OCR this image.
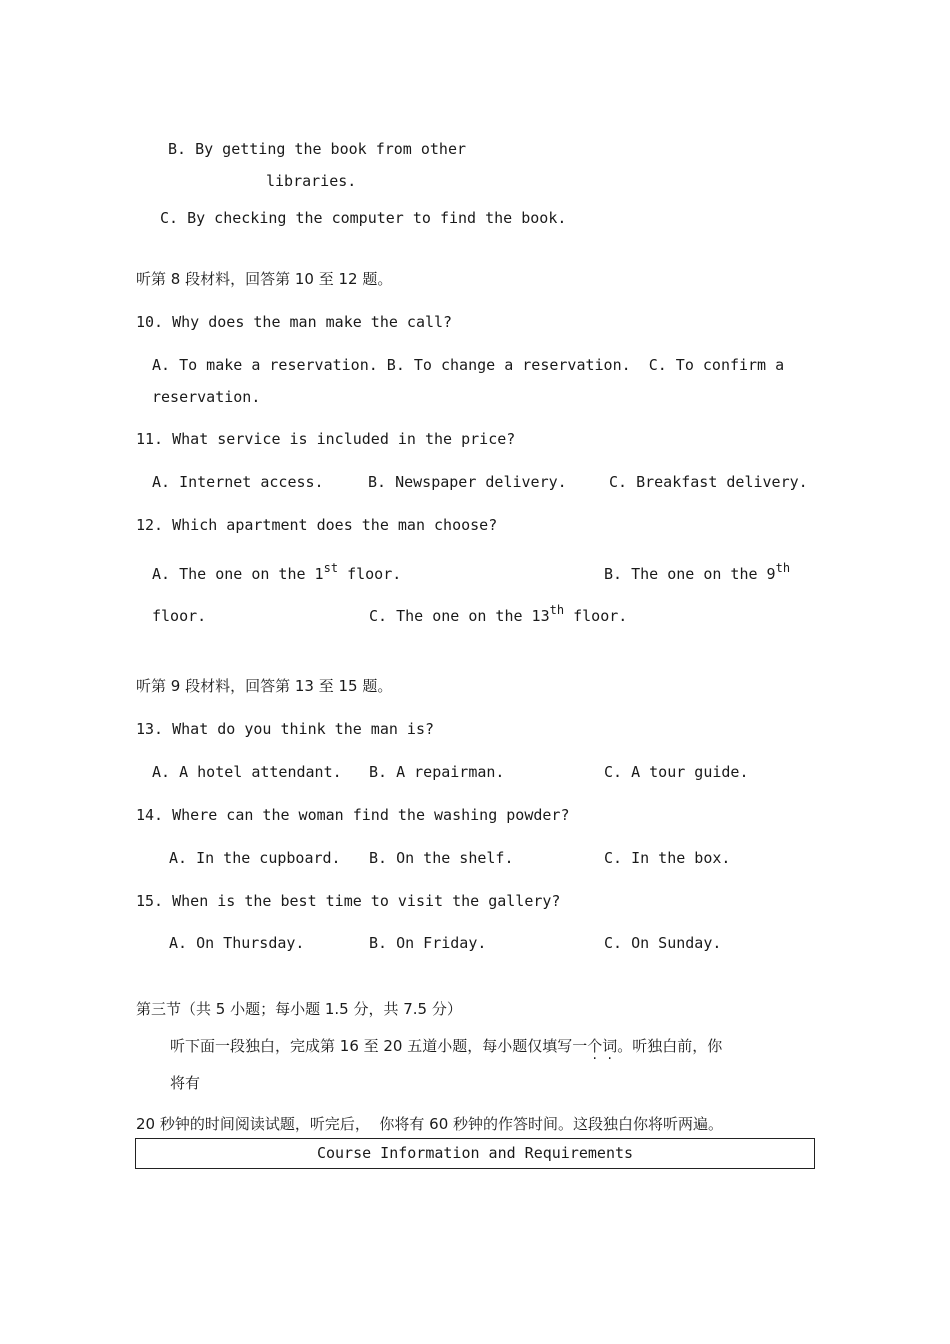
B. By getting the book from other
libraries.
C. By checking the computer to find the book.
听第 8 段材料，回答第 10 至 12 题。
10. Why does the man make the call?
A. To make a reservation. B. To change a reservation.  C. To confirm a
reservation.
11. What service is included in the price?
A. Internet access.	B. Newspaper delivery.	C. Breakfast delivery.
12. Which apartment does the man choose?
A. The one on the 1st floor.	B. The one on the 9th
floor.	C. The one on the 13th floor.
听第 9 段材料，回答第 13 至 15 题。
13. What do you think the man is?
A. A hotel attendant. B. A repairman.	C. A tour guide.
14. Where can the woman find the washing powder?
A. In the cupboard. B. On the shelf.	C. In the box.
15. When is the best time to visit the gallery?
A. On Thursday.	B. On Friday.	C. On Sunday.
第三节（共 5 小题；每小题 1.5 分，共 7.5 分）
听下面一段独白，完成第 16 至 20 五道小题，每小题仅填写一个词。听独白前，你
将有
20 秒钟的时间阅读试题，听完后，  你将有 60 秒钟的作答时间。这段独白你将听两遍。
Course Information and Requirements
